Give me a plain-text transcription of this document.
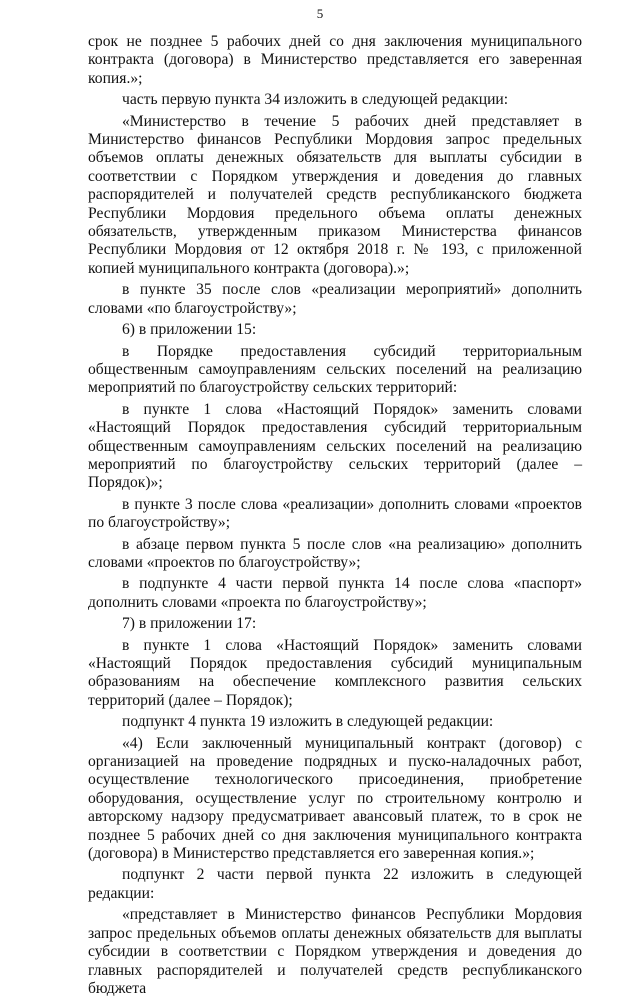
5

срок не позднее 5 рабочих дней со дня заключения муниципального контракта (договора) в Министерство представляется его заверенная копия.»;

часть первую пункта 34 изложить в следующей редакции:

«Министерство в течение 5 рабочих дней представляет в Министерство финансов Республики Мордовия запрос предельных объемов оплаты денежных обязательств для выплаты субсидии в соответствии с Порядком утверждения и доведения до главных распорядителей и получателей средств республиканского бюджета Республики Мордовия предельного объема оплаты денежных обязательств, утвержденным приказом Министерства финансов Республики Мордовия от 12 октября 2018 г. № 193, с приложенной копией муниципального контракта (договора).»;

в пункте 35 после слов «реализации мероприятий» дополнить словами «по благоустройству»;

6) в приложении 15:

в Порядке предоставления субсидий территориальным общественным самоуправлениям сельских поселений на реализацию мероприятий по благоустройству сельских территорий:

в пункте 1 слова «Настоящий Порядок» заменить словами «Настоящий Порядок предоставления субсидий территориальным общественным самоуправлениям сельских поселений на реализацию мероприятий по благоустройству сельских территорий (далее – Порядок)»;

в пункте 3 после слова «реализации» дополнить словами «проектов по благоустройству»;

в абзаце первом пункта 5 после слов «на реализацию» дополнить словами «проектов по благоустройству»;

в подпункте 4 части первой пункта 14 после слова «паспорт» дополнить словами «проекта по благоустройству»;

7) в приложении 17:

в пункте 1 слова «Настоящий Порядок» заменить словами «Настоящий Порядок предоставления субсидий муниципальным образованиям на обеспечение комплексного развития сельских территорий (далее – Порядок);

подпункт 4 пункта 19 изложить в следующей редакции:

«4) Если заключенный муниципальный контракт (договор) с организацией на проведение подрядных и пуско-наладочных работ, осуществление технологического присоединения, приобретение оборудования, осуществление услуг по строительному контролю и авторскому надзору предусматривает авансовый платеж, то в срок не позднее 5 рабочих дней со дня заключения муниципального контракта (договора) в Министерство представляется его заверенная копия.»;

подпункт 2 части первой пункта 22 изложить в следующей редакции:

«представляет в Министерство финансов Республики Мордовия запрос предельных объемов оплаты денежных обязательств для выплаты субсидии в соответствии с Порядком утверждения и доведения до главных распорядителей и получателей средств республиканского бюджета
